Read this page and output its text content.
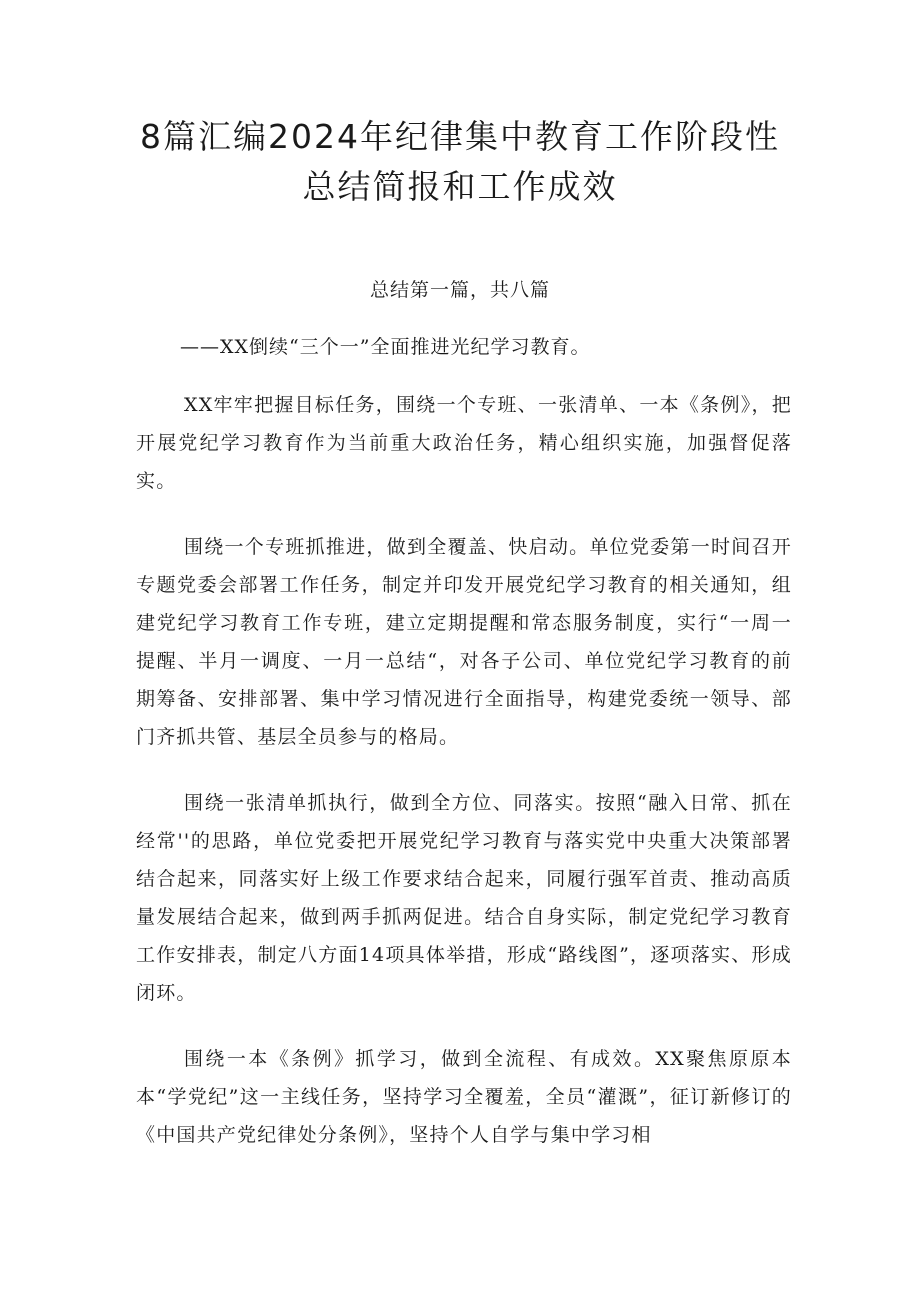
8篇汇编2024年纪律集中教育工作阶段性
总结简报和工作成效

总结第一篇，共八篇

——XX倒续“三个一”全面推进光纪学习教育。

XX牢牢把握目标任务，围绕一个专班、一张清单、一本《条例》，把开展党纪学习教育作为当前重大政治任务，精心组织实施，加强督促落实。

围绕一个专班抓推进，做到全覆盖、快启动。单位党委第一时间召开专题党委会部署工作任务，制定并印发开展党纪学习教育的相关通知，组建党纪学习教育工作专班，建立定期提醒和常态服务制度，实行“一周一提醒、半月一调度、一月一总结“，对各子公司、单位党纪学习教育的前期筹备、安排部署、集中学习情况进行全面指导，构建党委统一领导、部门齐抓共管、基层全员参与的格局。

围绕一张清单抓执行，做到全方位、同落实。按照“融入日常、抓在经常''的思路，单位党委把开展党纪学习教育与落实党中央重大决策部署结合起来，同落实好上级工作要求结合起来，同履行强军首责、推动高质量发展结合起来，做到两手抓两促进。结合自身实际，制定党纪学习教育工作安排表，制定八方面14项具体举措，形成“路线图”，逐项落实、形成闭环。

围绕一本《条例》抓学习，做到全流程、有成效。XX聚焦原原本本“学党纪”这一主线任务，坚持学习全覆羞，全员“灌溉”，征订新修订的《中国共产党纪律处分条例》，坚持个人自学与集中学习相
